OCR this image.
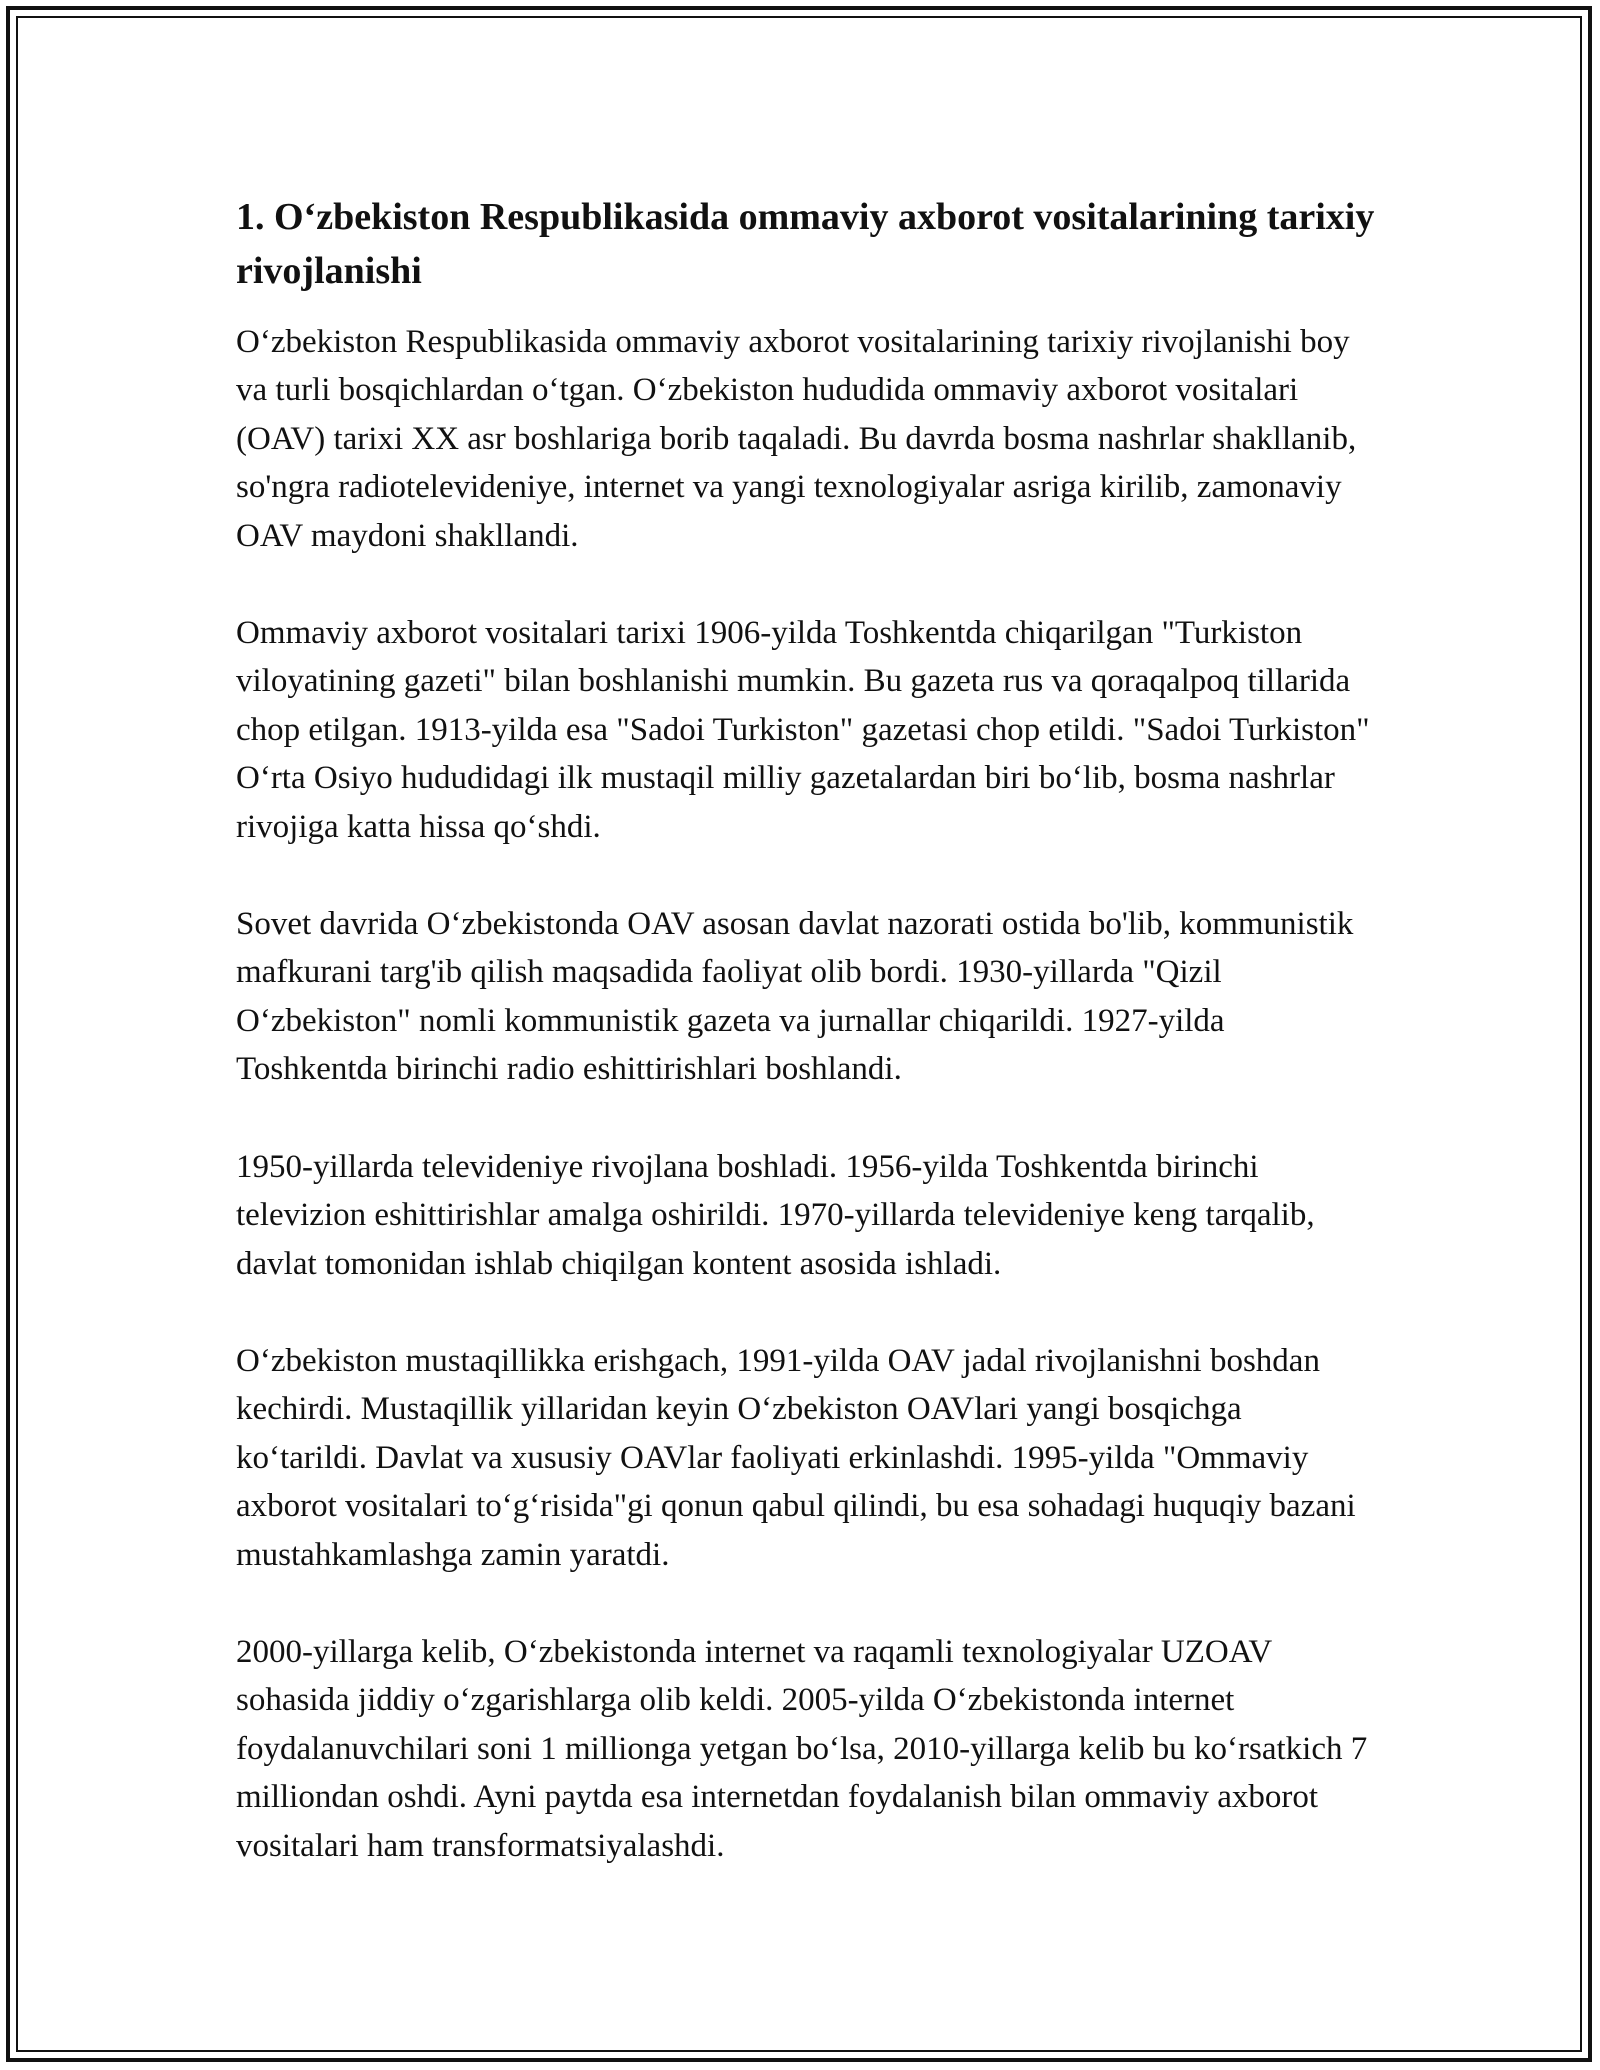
1. O‘zbekiston Respublikasida ommaviy axborot vositalarining tarixiy rivojlanishi

O‘zbekiston Respublikasida ommaviy axborot vositalarining tarixiy rivojlanishi boy va turli bosqichlardan o‘tgan. O‘zbekiston hududida ommaviy axborot vositalari (OAV) tarixi XX asr boshlariga borib taqaladi. Bu davrda bosma nashrlar shakllanib, so'ngra radiotelevideniye, internet va yangi texnologiyalar asriga kirilib, zamonaviy OAV maydoni shakllandi.

Ommaviy axborot vositalari tarixi 1906-yilda Toshkentda chiqarilgan "Turkiston viloyatining gazeti" bilan boshlanishi mumkin. Bu gazeta rus va qoraqalpoq tillarida chop etilgan. 1913-yilda esa "Sadoi Turkiston" gazetasi chop etildi. "Sadoi Turkiston" O‘rta Osiyo hududidagi ilk mustaqil milliy gazetalardan biri bo‘lib, bosma nashrlar rivojiga katta hissa qo‘shdi.

Sovet davrida O‘zbekistonda OAV asosan davlat nazorati ostida bo'lib, kommunistik mafkurani targ'ib qilish maqsadida faoliyat olib bordi. 1930-yillarda "Qizil O‘zbekiston" nomli kommunistik gazeta va jurnallar chiqarildi. 1927-yilda Toshkentda birinchi radio eshittirishlari boshlandi.

1950-yillarda televideniye rivojlana boshladi. 1956-yilda Toshkentda birinchi televizion eshittirishlar amalga oshirildi. 1970-yillarda televideniye keng tarqalib, davlat tomonidan ishlab chiqilgan kontent asosida ishladi.

O‘zbekiston mustaqillikka erishgach, 1991-yilda OAV jadal rivojlanishni boshdan kechirdi. Mustaqillik yillaridan keyin O‘zbekiston OAVlari yangi bosqichga ko‘tarildi. Davlat va xususiy OAVlar faoliyati erkinlashdi. 1995-yilda "Ommaviy axborot vositalari to‘g‘risida"gi qonun qabul qilindi, bu esa sohadagi huquqiy bazani mustahkamlashga zamin yaratdi.

2000-yillarga kelib, O‘zbekistonda internet va raqamli texnologiyalar UZOAV sohasida jiddiy o‘zgarishlarga olib keldi. 2005-yilda O‘zbekistonda internet foydalanuvchilari soni 1 millionga yetgan bo‘lsa, 2010-yillarga kelib bu ko‘rsatkich 7 milliondan oshdi. Ayni paytda esa internetdan foydalanish bilan ommaviy axborot vositalari ham transformatsiyalashdi.
